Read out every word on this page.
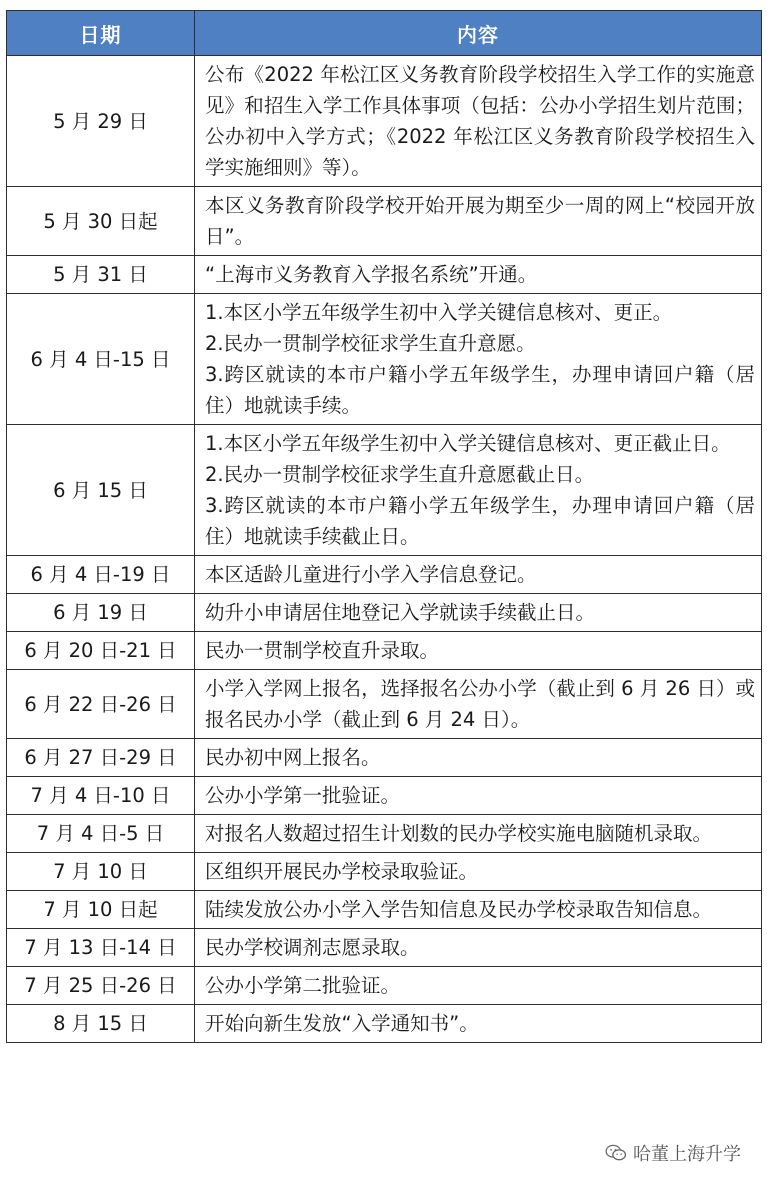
日期	内容
5 月 29 日	公布《2022 年松江区义务教育阶段学校招生入学工作的实施意见》和招生入学工作具体事项（包括：公办小学招生划片范围；公办初中入学方式；《2022 年松江区义务教育阶段学校招生入学实施细则》等）。

5 月 30 日起	本区义务教育阶段学校开始开展为期至少一周的网上“校园开放日”。

5 月 31 日	“上海市义务教育入学报名系统”开通。

6 月 4 日-15 日	1.本区小学五年级学生初中入学关键信息核对、更正。
2.民办一贯制学校征求学生直升意愿。
3.跨区就读的本市户籍小学五年级学生，办理申请回户籍（居住）地就读手续。

6 月 15 日	1.本区小学五年级学生初中入学关键信息核对、更正截止日。
2.民办一贯制学校征求学生直升意愿截止日。
3.跨区就读的本市户籍小学五年级学生，办理申请回户籍（居住）地就读手续截止日。

6 月 4 日-19 日	本区适龄儿童进行小学入学信息登记。

6 月 19 日	幼升小申请居住地登记入学就读手续截止日。

6 月 20 日-21 日	民办一贯制学校直升录取。

6 月 22 日-26 日	小学入学网上报名，选择报名公办小学（截止到 6 月 26 日）或报名民办小学（截止到 6 月 24 日）。

6 月 27 日-29 日	民办初中网上报名。

7 月 4 日-10 日	公办小学第一批验证。

7 月 4 日-5 日	对报名人数超过招生计划数的民办学校实施电脑随机录取。

7 月 10 日	区组织开展民办学校录取验证。

7 月 10 日起	陆续发放公办小学入学告知信息及民办学校录取告知信息。

7 月 13 日-14 日	民办学校调剂志愿录取。

7 月 25 日-26 日	公办小学第二批验证。

8 月 15 日	开始向新生发放“入学通知书”。
哈董上海升学
